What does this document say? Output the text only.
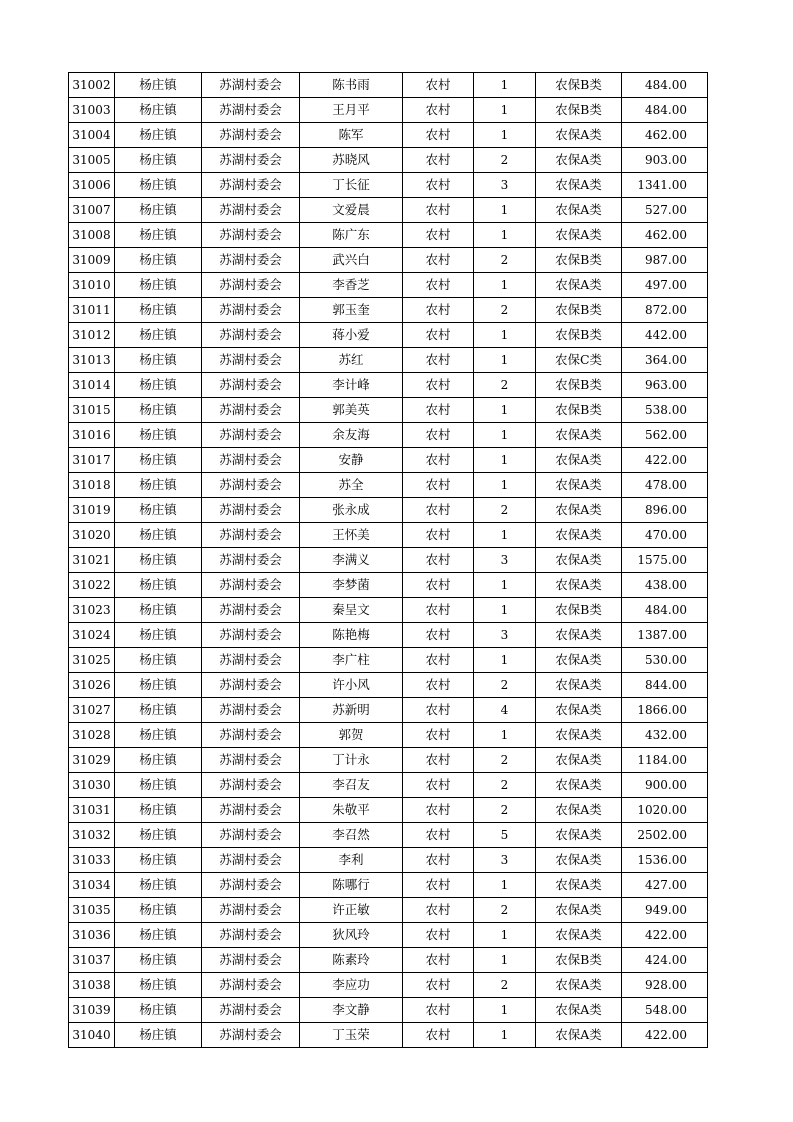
31002	杨庄镇	苏湖村委会	陈书雨	农村	1	农保B类	484.00
31003	杨庄镇	苏湖村委会	王月平	农村	1	农保B类	484.00
31004	杨庄镇	苏湖村委会	陈军	农村	1	农保A类	462.00
31005	杨庄镇	苏湖村委会	苏晓风	农村	2	农保A类	903.00
31006	杨庄镇	苏湖村委会	丁长征	农村	3	农保A类	1341.00
31007	杨庄镇	苏湖村委会	文爱晨	农村	1	农保A类	527.00
31008	杨庄镇	苏湖村委会	陈广东	农村	1	农保A类	462.00
31009	杨庄镇	苏湖村委会	武兴白	农村	2	农保B类	987.00
31010	杨庄镇	苏湖村委会	李香芝	农村	1	农保A类	497.00
31011	杨庄镇	苏湖村委会	郭玉奎	农村	2	农保B类	872.00
31012	杨庄镇	苏湖村委会	蒋小爱	农村	1	农保B类	442.00
31013	杨庄镇	苏湖村委会	苏红	农村	1	农保C类	364.00
31014	杨庄镇	苏湖村委会	李计峰	农村	2	农保B类	963.00
31015	杨庄镇	苏湖村委会	郭美英	农村	1	农保B类	538.00
31016	杨庄镇	苏湖村委会	余友海	农村	1	农保A类	562.00
31017	杨庄镇	苏湖村委会	安静	农村	1	农保A类	422.00
31018	杨庄镇	苏湖村委会	苏全	农村	1	农保A类	478.00
31019	杨庄镇	苏湖村委会	张永成	农村	2	农保A类	896.00
31020	杨庄镇	苏湖村委会	王怀美	农村	1	农保A类	470.00
31021	杨庄镇	苏湖村委会	李满义	农村	3	农保A类	1575.00
31022	杨庄镇	苏湖村委会	李梦菌	农村	1	农保A类	438.00
31023	杨庄镇	苏湖村委会	秦呈文	农村	1	农保B类	484.00
31024	杨庄镇	苏湖村委会	陈艳梅	农村	3	农保A类	1387.00
31025	杨庄镇	苏湖村委会	李广柱	农村	1	农保A类	530.00
31026	杨庄镇	苏湖村委会	许小风	农村	2	农保A类	844.00
31027	杨庄镇	苏湖村委会	苏新明	农村	4	农保A类	1866.00
31028	杨庄镇	苏湖村委会	郭贺	农村	1	农保A类	432.00
31029	杨庄镇	苏湖村委会	丁计永	农村	2	农保A类	1184.00
31030	杨庄镇	苏湖村委会	李召友	农村	2	农保A类	900.00
31031	杨庄镇	苏湖村委会	朱敬平	农村	2	农保A类	1020.00
31032	杨庄镇	苏湖村委会	李召然	农村	5	农保A类	2502.00
31033	杨庄镇	苏湖村委会	李利	农村	3	农保A类	1536.00
31034	杨庄镇	苏湖村委会	陈哪行	农村	1	农保A类	427.00
31035	杨庄镇	苏湖村委会	许正敏	农村	2	农保A类	949.00
31036	杨庄镇	苏湖村委会	狄风玲	农村	1	农保A类	422.00
31037	杨庄镇	苏湖村委会	陈素玲	农村	1	农保B类	424.00
31038	杨庄镇	苏湖村委会	李应功	农村	2	农保A类	928.00
31039	杨庄镇	苏湖村委会	李文静	农村	1	农保A类	548.00
31040	杨庄镇	苏湖村委会	丁玉荣	农村	1	农保A类	422.00
